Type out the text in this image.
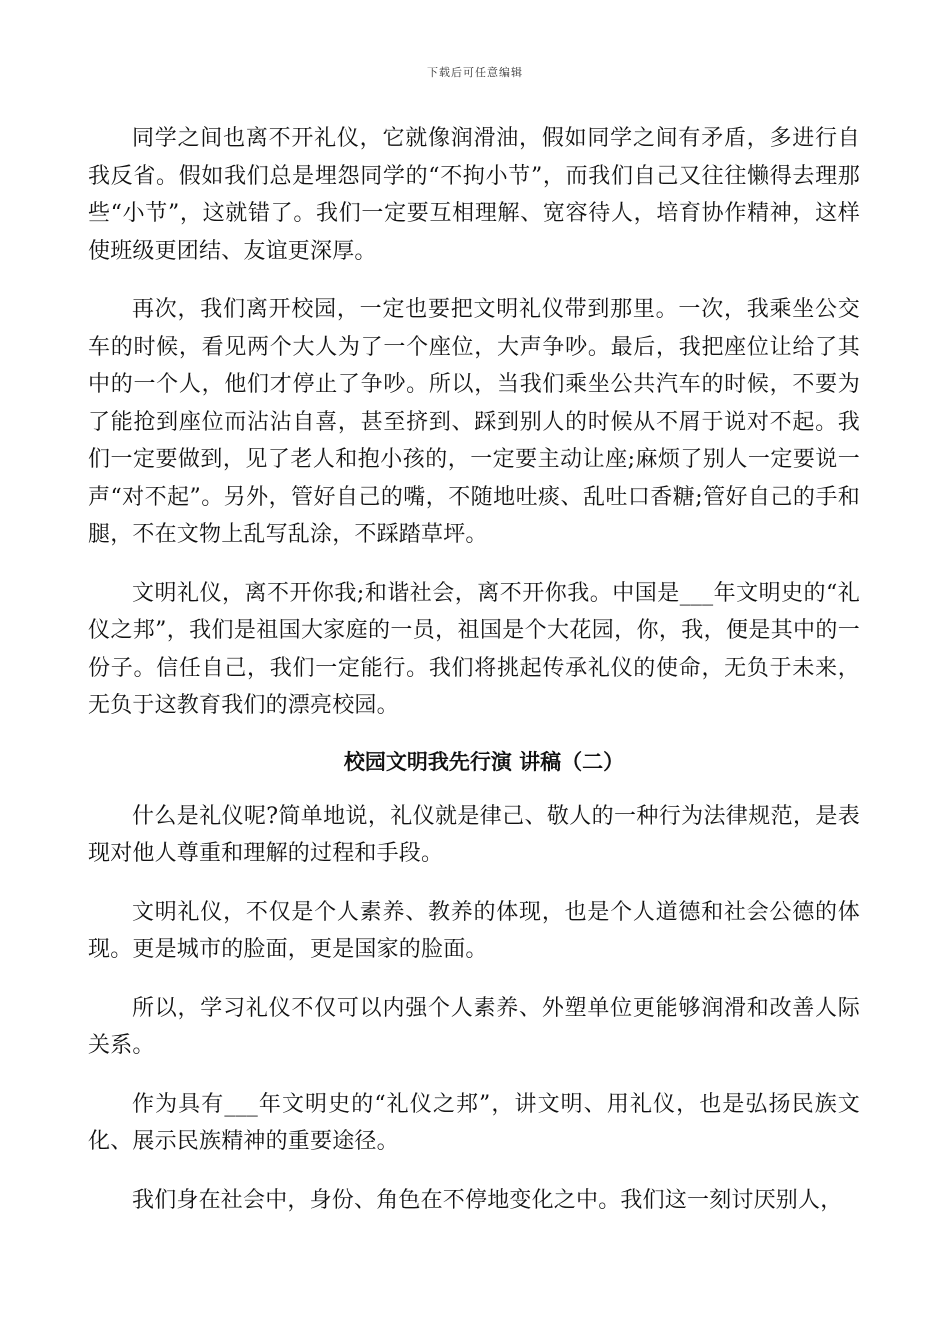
下载后可任意编辑

同学之间也离不开礼仪，它就像润滑油，假如同学之间有矛盾，多进行自我反省。假如我们总是埋怨同学的“不拘小节”，而我们自己又往往懒得去理那些“小节”，这就错了。我们一定要互相理解、宽容待人，培育协作精神，这样使班级更团结、友谊更深厚。

再次，我们离开校园，一定也要把文明礼仪带到那里。一次，我乘坐公交车的时候，看见两个大人为了一个座位，大声争吵。最后，我把座位让给了其中的一个人，他们才停止了争吵。所以，当我们乘坐公共汽车的时候，不要为了能抢到座位而沾沾自喜，甚至挤到、踩到别人的时候从不屑于说对不起。我们一定要做到，见了老人和抱小孩的，一定要主动让座;麻烦了别人一定要说一声“对不起”。另外，管好自己的嘴，不随地吐痰、乱吐口香糖;管好自己的手和腿，不在文物上乱写乱涂，不踩踏草坪。

文明礼仪，离不开你我;和谐社会，离不开你我。中国是___年文明史的“礼仪之邦”，我们是祖国大家庭的一员，祖国是个大花园，你，我，便是其中的一份子。信任自己，我们一定能行。我们将挑起传承礼仪的使命，无负于未来，无负于这教育我们的漂亮校园。

校园文明我先行演 讲稿（二）

什么是礼仪呢?简单地说，礼仪就是律己、敬人的一种行为法律规范，是表现对他人尊重和理解的过程和手段。

文明礼仪，不仅是个人素养、教养的体现，也是个人道德和社会公德的体现。更是城市的脸面，更是国家的脸面。

所以，学习礼仪不仅可以内强个人素养、外塑单位更能够润滑和改善人际关系。

作为具有___年文明史的“礼仪之邦”，讲文明、用礼仪，也是弘扬民族文化、展示民族精神的重要途径。

我们身在社会中，身份、角色在不停地变化之中。我们这一刻讨厌别人，
